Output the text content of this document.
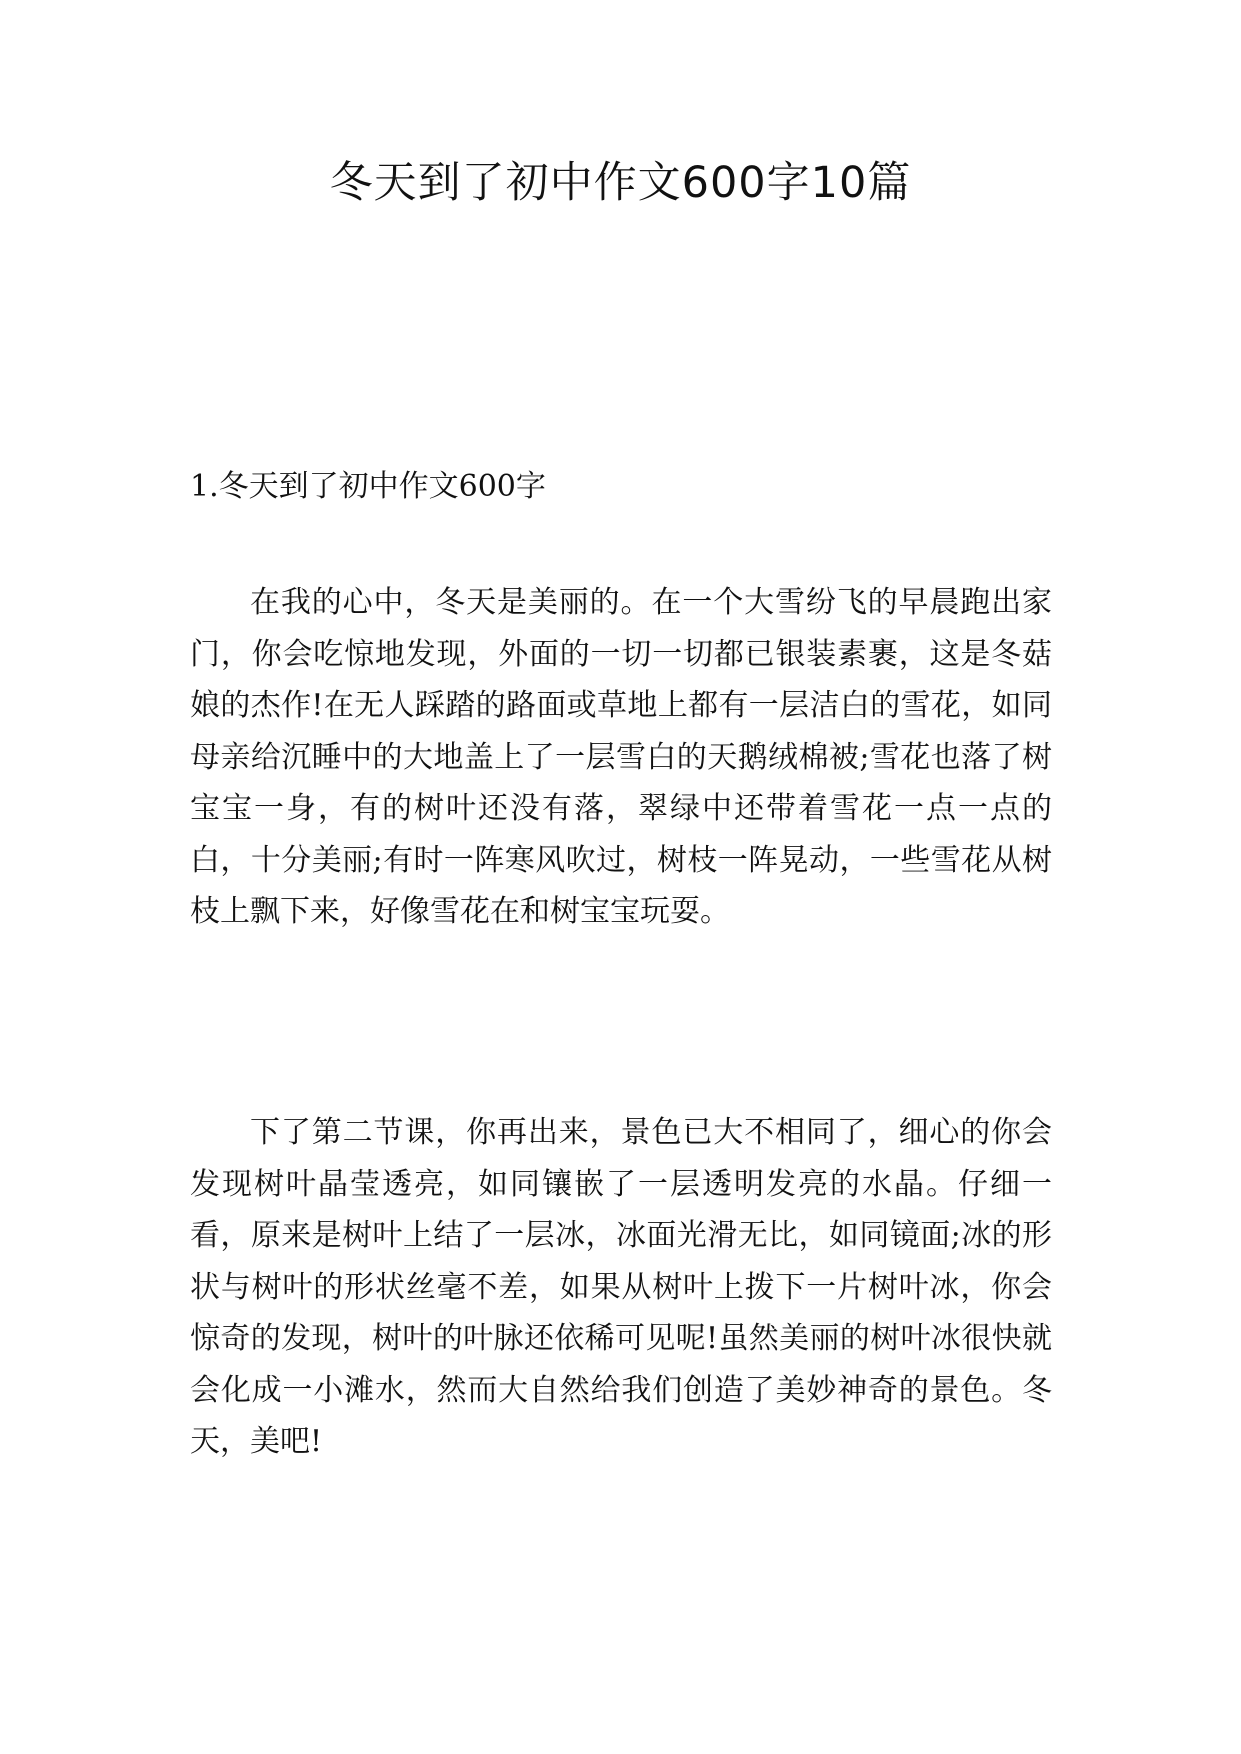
冬天到了初中作文600字10篇
1.冬天到了初中作文600字

在我的心中，冬天是美丽的。在一个大雪纷飞的早晨跑出家门，你会吃惊地发现，外面的一切一切都已银装素裹，这是冬菇娘的杰作!在无人踩踏的路面或草地上都有一层洁白的雪花，如同母亲给沉睡中的大地盖上了一层雪白的天鹅绒棉被;雪花也落了树宝宝一身，有的树叶还没有落，翠绿中还带着雪花一点一点的白，十分美丽;有时一阵寒风吹过，树枝一阵晃动，一些雪花从树枝上飘下来，好像雪花在和树宝宝玩耍。

下了第二节课，你再出来，景色已大不相同了，细心的你会发现树叶晶莹透亮，如同镶嵌了一层透明发亮的水晶。仔细一看，原来是树叶上结了一层冰，冰面光滑无比，如同镜面;冰的形状与树叶的形状丝毫不差，如果从树叶上拨下一片树叶冰，你会惊奇的发现，树叶的叶脉还依稀可见呢!虽然美丽的树叶冰很快就会化成一小滩水，然而大自然给我们创造了美妙神奇的景色。冬天，美吧!
